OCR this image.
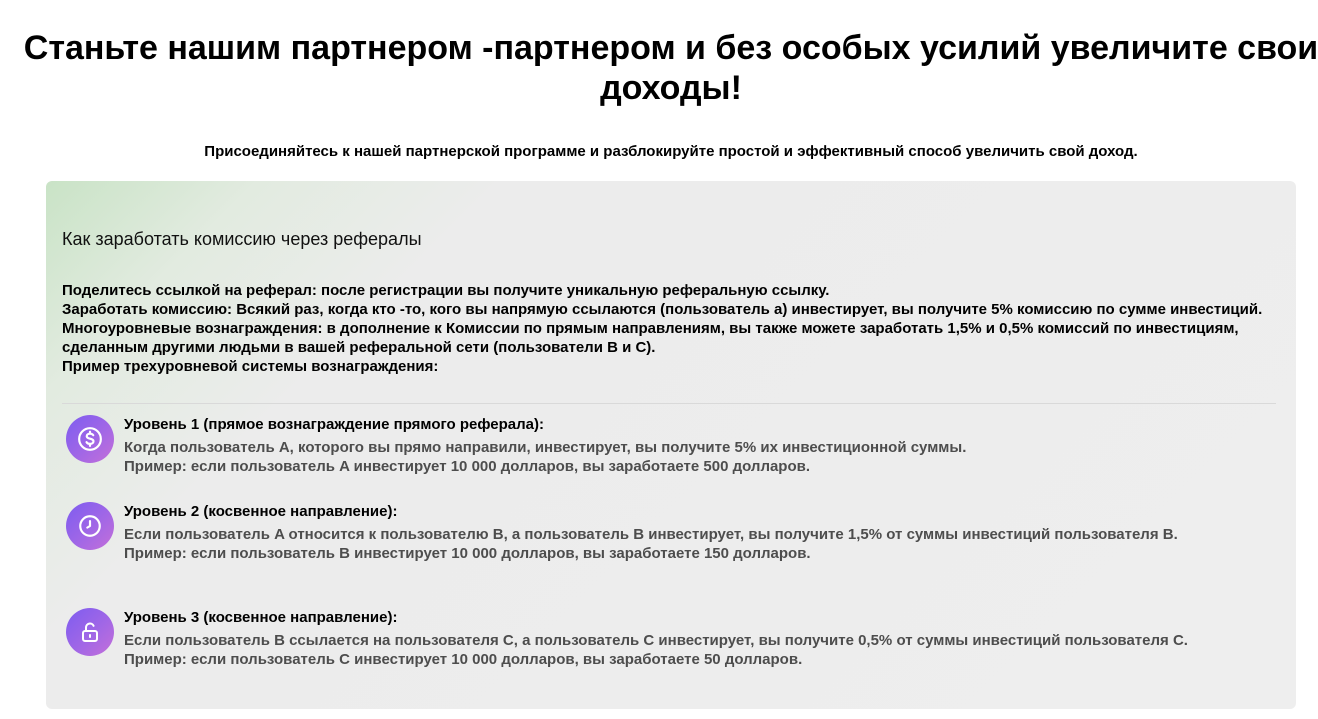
Станьте нашим партнером -партнером и без особых усилий увеличите свои доходы!

Присоединяйтесь к нашей партнерской программе и разблокируйте простой и эффективный способ увеличить свой доход.

Как заработать комиссию через рефералы

Поделитесь ссылкой на реферал: после регистрации вы получите уникальную реферальную ссылку.

Заработать комиссию: Всякий раз, когда кто -то, кого вы напрямую ссылаются (пользователь а) инвестирует, вы получите 5% комиссию по сумме инвестиций.

Многоуровневые вознаграждения: в дополнение к Комиссии по прямым направлениям, вы также можете заработать 1,5% и 0,5% комиссий по инвестициям, сделанным другими людьми в вашей реферальной сети (пользователи B и C).

Пример трехуровневой системы вознаграждения:

Уровень 1 (прямое вознаграждение прямого реферала):

Когда пользователь A, которого вы прямо направили, инвестирует, вы получите 5% их инвестиционной суммы.
Пример: если пользователь A инвестирует 10 000 долларов, вы заработаете 500 долларов.

Уровень 2 (косвенное направление):

Если пользователь A относится к пользователю B, а пользователь B инвестирует, вы получите 1,5% от суммы инвестиций пользователя B.
Пример: если пользователь B инвестирует 10 000 долларов, вы заработаете 150 долларов.

Уровень 3 (косвенное направление):

Если пользователь B ссылается на пользователя C, а пользователь C инвестирует, вы получите 0,5% от суммы инвестиций пользователя C.
Пример: если пользователь C инвестирует 10 000 долларов, вы заработаете 50 долларов.
